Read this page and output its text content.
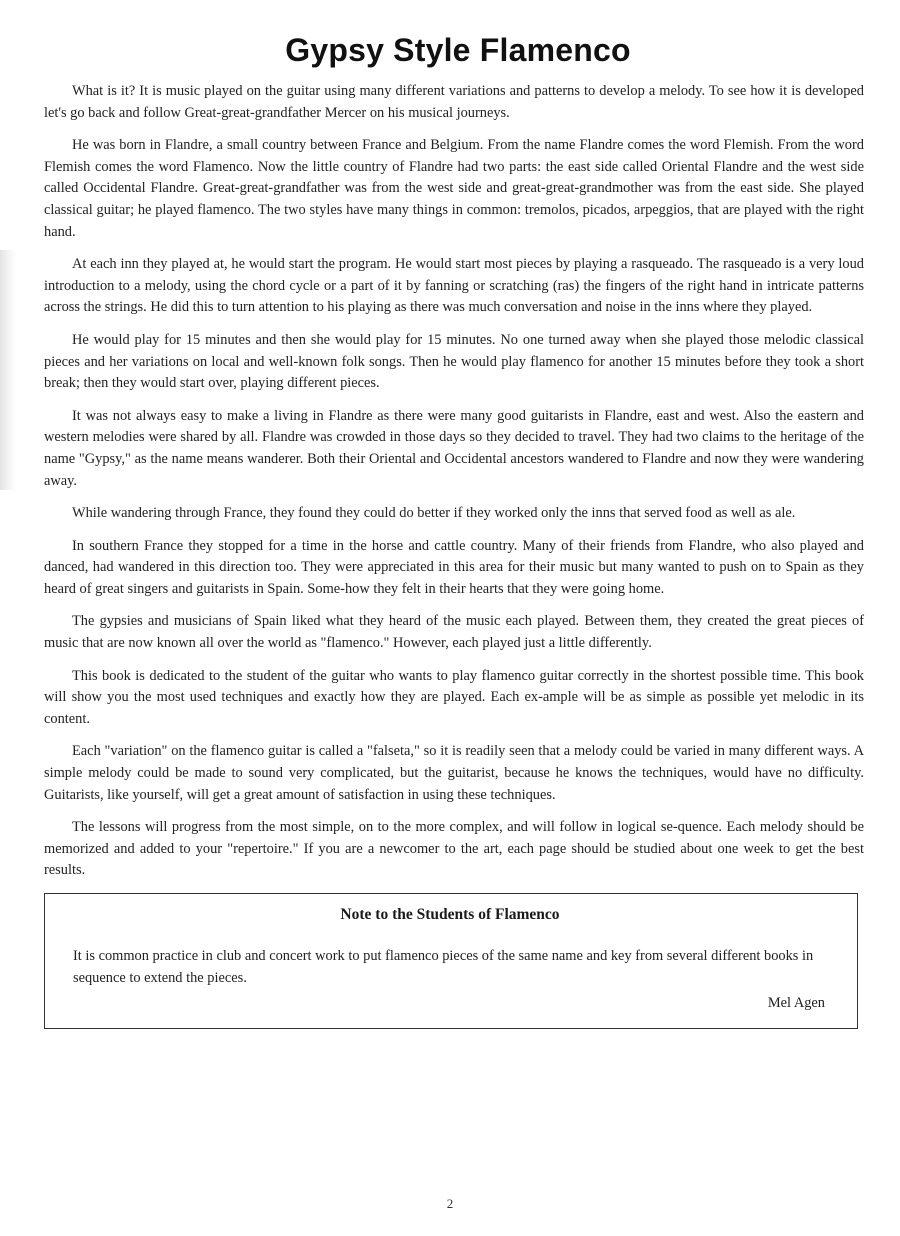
Gypsy Style Flamenco

What is it? It is music played on the guitar using many different variations and patterns to develop a melody. To see how it is developed let's go back and follow Great-great-grandfather Mercer on his musical journeys.

He was born in Flandre, a small country between France and Belgium. From the name Flandre comes the word Flemish. From the word Flemish comes the word Flamenco. Now the little country of Flandre had two parts: the east side called Oriental Flandre and the west side called Occidental Flandre. Great-great-grandfather was from the west side and great-great-grandmother was from the east side. She played classical guitar; he played flamenco. The two styles have many things in common: tremolos, picados, arpeggios, that are played with the right hand.

At each inn they played at, he would start the program. He would start most pieces by playing a rasqueado. The rasqueado is a very loud introduction to a melody, using the chord cycle or a part of it by fanning or scratching (ras) the fingers of the right hand in intricate patterns across the strings. He did this to turn attention to his playing as there was much conversation and noise in the inns where they played.

He would play for 15 minutes and then she would play for 15 minutes. No one turned away when she played those melodic classical pieces and her variations on local and well-known folk songs. Then he would play flamenco for another 15 minutes before they took a short break; then they would start over, playing different pieces.

It was not always easy to make a living in Flandre as there were many good guitarists in Flandre, east and west. Also the eastern and western melodies were shared by all. Flandre was crowded in those days so they decided to travel. They had two claims to the heritage of the name "Gypsy," as the name means wanderer. Both their Oriental and Occidental ancestors wandered to Flandre and now they were wandering away.

While wandering through France, they found they could do better if they worked only the inns that served food as well as ale.

In southern France they stopped for a time in the horse and cattle country. Many of their friends from Flandre, who also played and danced, had wandered in this direction too. They were appreciated in this area for their music but many wanted to push on to Spain as they heard of great singers and guitarists in Spain. Some-how they felt in their hearts that they were going home.

The gypsies and musicians of Spain liked what they heard of the music each played. Between them, they created the great pieces of music that are now known all over the world as "flamenco." However, each played just a little differently.

This book is dedicated to the student of the guitar who wants to play flamenco guitar correctly in the shortest possible time. This book will show you the most used techniques and exactly how they are played. Each ex-ample will be as simple as possible yet melodic in its content.

Each "variation" on the flamenco guitar is called a "falseta," so it is readily seen that a melody could be varied in many different ways. A simple melody could be made to sound very complicated, but the guitarist, because he knows the techniques, would have no difficulty. Guitarists, like yourself, will get a great amount of satisfaction in using these techniques.

The lessons will progress from the most simple, on to the more complex, and will follow in logical se-quence. Each melody should be memorized and added to your "repertoire." If you are a newcomer to the art, each page should be studied about one week to get the best results.

Note to the Students of Flamenco

It is common practice in club and concert work to put flamenco pieces of the same name and key from several different books in sequence to extend the pieces.

Mel Agen
2
